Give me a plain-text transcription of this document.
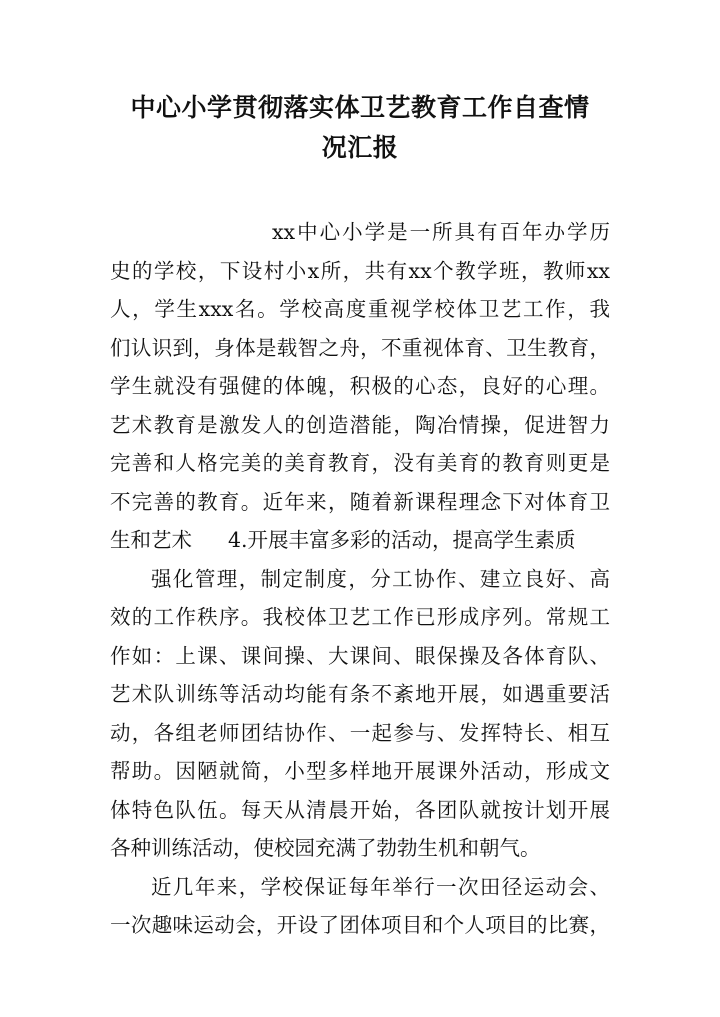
中心小学贯彻落实体卫艺教育工作自查情
况汇报
xx中心小学是一所具有百年办学历
史的学校，下设村小x所，共有xx个教学班，教师xx
人，学生xxx名。学校高度重视学校体卫艺工作，我
们认识到，身体是载智之舟，不重视体育、卫生教育，
学生就没有强健的体魄，积极的心态，良好的心理。
艺术教育是激发人的创造潜能，陶冶情操，促进智力
完善和人格完美的美育教育，没有美育的教育则更是
不完善的教育。近年来，随着新课程理念下对体育卫
生和艺术 4.开展丰富多彩的活动，提高学生素质
强化管理，制定制度，分工协作、建立良好、高
效的工作秩序。我校体卫艺工作已形成序列。常规工
作如：上课、课间操、大课间、眼保操及各体育队、
艺术队训练等活动均能有条不紊地开展，如遇重要活
动，各组老师团结协作、一起参与、发挥特长、相互
帮助。因陋就简，小型多样地开展课外活动，形成文
体特色队伍。每天从清晨开始，各团队就按计划开展
各种训练活动，使校园充满了勃勃生机和朝气。
近几年来，学校保证每年举行一次田径运动会、
一次趣味运动会，开设了团体项目和个人项目的比赛，
